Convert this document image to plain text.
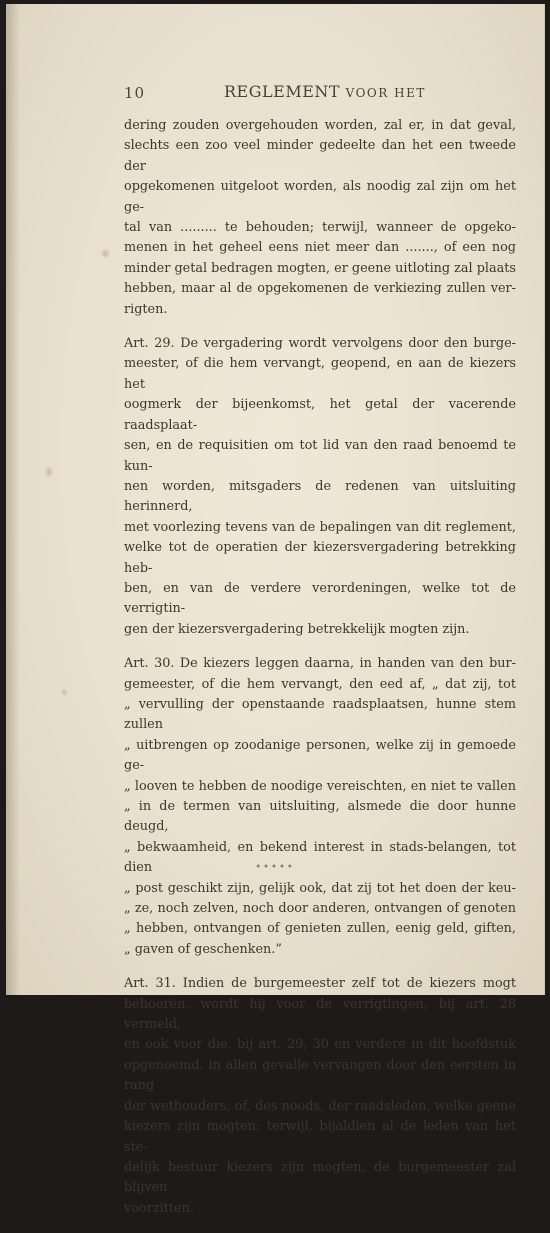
10	REGLEMENT VOOR HET
dering zouden overgehouden worden, zal er, in dat geval,
slechts een zoo veel minder gedeelte dan het een tweede der
opgekomenen uitgeloot worden, als noodig zal zijn om het ge-
tal van ......... te behouden; terwijl, wanneer de opgeko-
menen in het geheel eens niet meer dan ......., of een nog
minder getal bedragen mogten, er geene uitloting zal plaats
hebben, maar al de opgekomenen de verkiezing zullen ver-
rigten.
Art. 29. De vergadering wordt vervolgens door den burge-
meester, of die hem vervangt, geopend, en aan de kiezers het
oogmerk der bijeenkomst, het getal der vacerende raadsplaat-
sen, en de requisitien om tot lid van den raad benoemd te kun-
nen worden, mitsgaders de redenen van uitsluiting herinnerd,
met voorlezing tevens van de bepalingen van dit reglement,
welke tot de operatien der kiezersvergadering betrekking heb-
ben, en van de verdere verordeningen, welke tot de verrigtin-
gen der kiezersvergadering betrekkelijk mogten zijn.
Art. 30. De kiezers leggen daarna, in handen van den bur-
gemeester, of die hem vervangt, den eed af, „ dat zij, tot
„ vervulling der openstaande raadsplaatsen, hunne stem zullen
„ uitbrengen op zoodanige personen, welke zij in gemoede ge-
„ looven te hebben de noodige vereischten, en niet te vallen
„ in de termen van uitsluiting, alsmede die door hunne deugd,
„ bekwaamheid, en bekend interest in stads-belangen, tot dien
„ post geschikt zijn, gelijk ook, dat zij tot het doen der keu-
„ ze, noch zelven, noch door anderen, ontvangen of genoten
„ hebben, ontvangen of genieten zullen, eenig geld, giften,
„ gaven of geschenken.”
Art. 31. Indien de burgemeester zelf tot de kiezers mogt
behooren, wordt hij voor de verrigtingen, bij art. 28 vermeld,
en ook voor die, bij art. 29, 30 en verdere in dit hoofdstuk
opgenoemd, in allen gevalle vervangen door den eersten in rang
der wethouders, of, des noods, der raadsleden, welke geene
kiezers zijn mogten; terwijl, bijaldien al de leden van het ste-
delijk bestuur kiezers zijn mogten, de burgemeester zal blijven
voorzitten.
•••••
